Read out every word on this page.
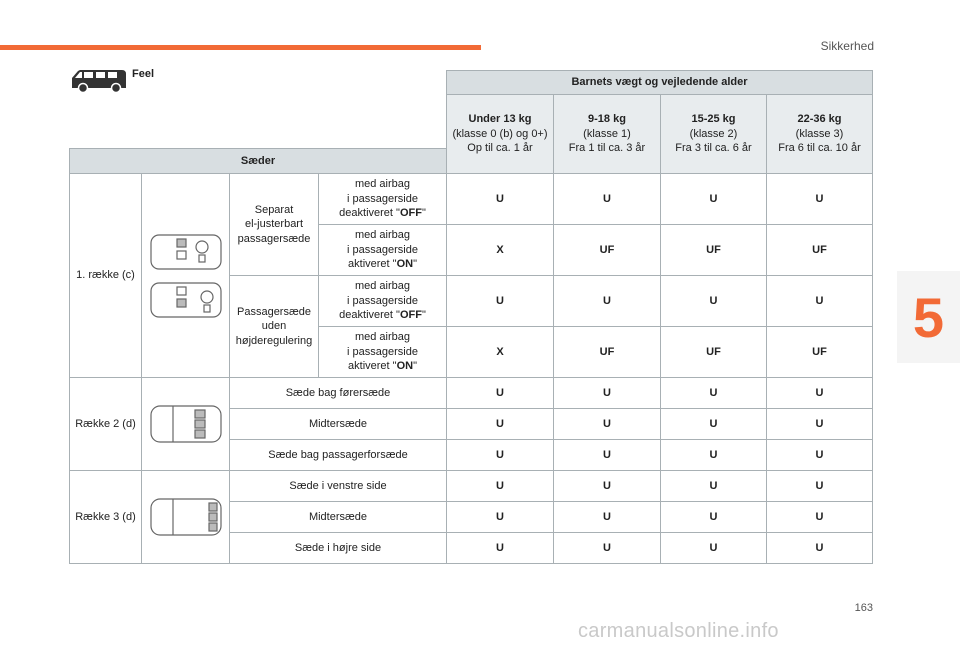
Sikkerhed
5
Feel
				Barnets vægt og vejledende alder			
				Under 13 kg
(klasse 0 (b) og 0+)
Op til ca. 1 år	9-18 kg
(klasse 1)
Fra 1 til ca. 3 år	15-25 kg
(klasse 2)
Fra 3 til ca. 6 år	22-36 kg
(klasse 3)
Fra 6 til ca. 10 år
Sæder							
1. række (c)		Separat
el-justerbart
passagersæde	med airbag
i passagerside
deaktiveret "OFF"	U	U	U	U
			med airbag
i passagerside
aktiveret "ON"	X	UF	UF	UF
		Passagersæde
uden
højderegulering	med airbag
i passagerside
deaktiveret "OFF"	U	U	U	U
			med airbag
i passagerside
aktiveret "ON"	X	UF	UF	UF
Række 2 (d)		Sæde bag førersæde		U	U	U	U
		Midtersæde		U	U	U	U
		Sæde bag passagerforsæde		U	U	U	U
Række 3 (d)		Sæde i venstre side		U	U	U	U
		Midtersæde		U	U	U	U
		Sæde i højre side		U	U	U	U
163
carmanualsonline.info
